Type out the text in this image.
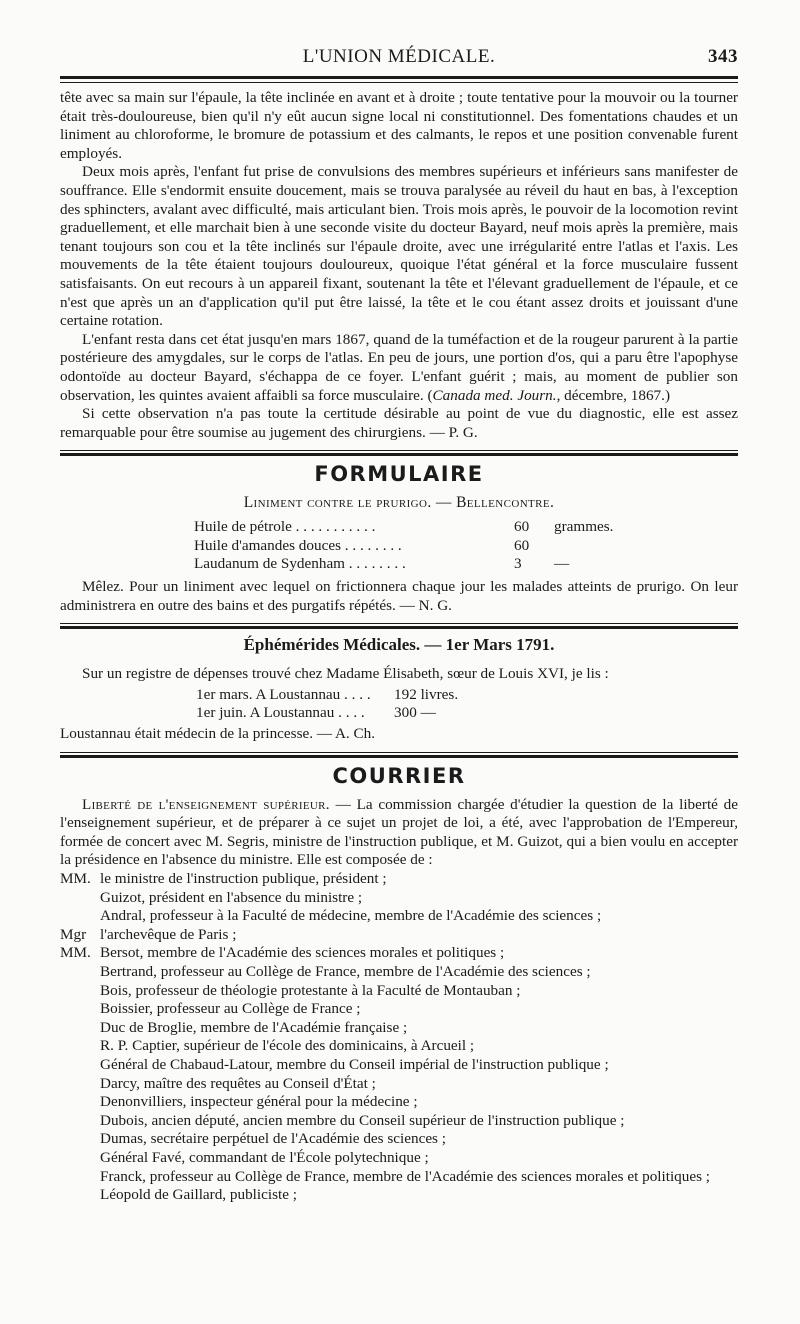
L'UNION MÉDICALE.	343

tête avec sa main sur l'épaule, la tête inclinée en avant et à droite ; toute tentative pour la mouvoir ou la tourner était très-douloureuse, bien qu'il n'y eût aucun signe local ni constitutionnel. Des fomentations chaudes et un liniment au chloroforme, le bromure de potassium et des calmants, le repos et une position convenable furent employés.

Deux mois après, l'enfant fut prise de convulsions des membres supérieurs et inférieurs sans manifester de souffrance. Elle s'endormit ensuite doucement, mais se trouva paralysée au réveil du haut en bas, à l'exception des sphincters, avalant avec difficulté, mais articulant bien. Trois mois après, le pouvoir de la locomotion revint graduellement, et elle marchait bien à une seconde visite du docteur Bayard, neuf mois après la première, mais tenant toujours son cou et la tête inclinés sur l'épaule droite, avec une irrégularité entre l'atlas et l'axis. Les mouvements de la tête étaient toujours douloureux, quoique l'état général et la force musculaire fussent satisfaisants. On eut recours à un appareil fixant, soutenant la tête et l'élevant graduellement de l'épaule, et ce n'est que après un an d'application qu'il put être laissé, la tête et le cou étant assez droits et jouissant d'une certaine rotation.

L'enfant resta dans cet état jusqu'en mars 1867, quand de la tuméfaction et de la rougeur parurent à la partie postérieure des amygdales, sur le corps de l'atlas. En peu de jours, une portion d'os, qui a paru être l'apophyse odontoïde au docteur Bayard, s'échappa de ce foyer. L'enfant guérit ; mais, au moment de publier son observation, les quintes avaient affaibli sa force musculaire. (Canada med. Journ., décembre, 1867.)

Si cette observation n'a pas toute la certitude désirable au point de vue du diagnostic, elle est assez remarquable pour être soumise au jugement des chirurgiens. — P. G.

FORMULAIRE
Liniment contre le prurigo. — Bellencontre.
Huile de pétrole . . . . . . . . . . .	60	grammes.
Huile d'amandes douces . . . . . . . .	60
Laudanum de Sydenham . . . . . . . .	3	—

Mêlez. Pour un liniment avec lequel on frictionnera chaque jour les malades atteints de prurigo. On leur administrera en outre des bains et des purgatifs répétés. — N. G.

Éphémérides Médicales. — 1er Mars 1791.

Sur un registre de dépenses trouvé chez Madame Élisabeth, sœur de Louis XVI, je lis :

1er mars. A Loustannau . . . .	192 livres.
1er juin. A Loustannau . . . .	300 —

Loustannau était médecin de la princesse. — A. Ch.

COURRIER

Liberté de l'enseignement supérieur. — La commission chargée d'étudier la question de la liberté de l'enseignement supérieur, et de préparer à ce sujet un projet de loi, a été, avec l'approbation de l'Empereur, formée de concert avec M. Segris, ministre de l'instruction publique, et M. Guizot, qui a bien voulu en accepter la présidence en l'absence du ministre. Elle est composée de :

MM. le ministre de l'instruction publique, président ;
Guizot, président en l'absence du ministre ;
Andral, professeur à la Faculté de médecine, membre de l'Académie des sciences ;
Mgr l'archevêque de Paris ;
MM. Bersot, membre de l'Académie des sciences morales et politiques ;
Bertrand, professeur au Collège de France, membre de l'Académie des sciences ;
Bois, professeur de théologie protestante à la Faculté de Montauban ;
Boissier, professeur au Collège de France ;
Duc de Broglie, membre de l'Académie française ;
R. P. Captier, supérieur de l'école des dominicains, à Arcueil ;
Général de Chabaud-Latour, membre du Conseil impérial de l'instruction publique ;
Darcy, maître des requêtes au Conseil d'État ;
Denonvilliers, inspecteur général pour la médecine ;
Dubois, ancien député, ancien membre du Conseil supérieur de l'instruction publique ;
Dumas, secrétaire perpétuel de l'Académie des sciences ;
Général Favé, commandant de l'École polytechnique ;
Franck, professeur au Collège de France, membre de l'Académie des sciences morales et politiques ;
Léopold de Gaillard, publiciste ;
